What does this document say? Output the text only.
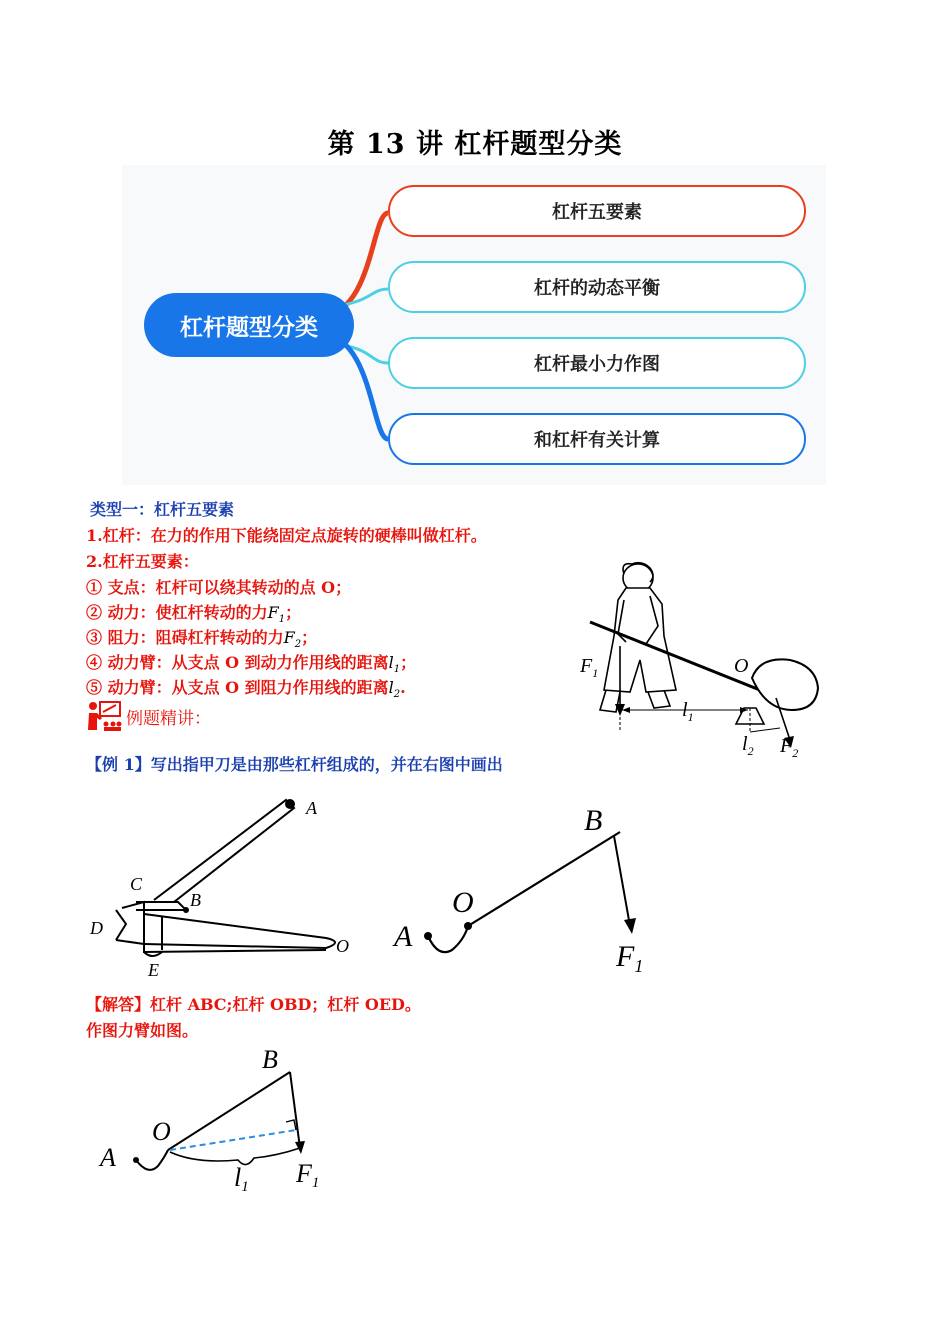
第 13 讲 杠杆题型分类
杠杆题型分类
杠杆五要素
杠杆的动态平衡
杠杆最小力作图
和杠杆有关计算
类型一：杠杆五要素
1.杠杆：在力的作用下能绕固定点旋转的硬棒叫做杠杆。
2.杠杆五要素：
① 支点：杠杆可以绕其转动的点 O；
② 动力：使杠杆转动的力$F_1$；
③ 阻力：阻碍杠杆转动的力$F_2$；
④ 动力臂：从支点 O 到动力作用线的距离$l_1$；
⑤ 动力臂：从支点 O 到阻力作用线的距离$l_2$.
例题精讲：
【例 1】写出指甲刀是由那些杠杆组成的，并在右图中画出
$F_1$	O
$l_1$
$l_2$ $F_2$
A
B
C
D
E
O A
O
B
$F_1$
【解答】杠杆 ABC;杠杆 OBD；杠杆 OED。
作图力臂如图。
A
O
B
F1
l1
